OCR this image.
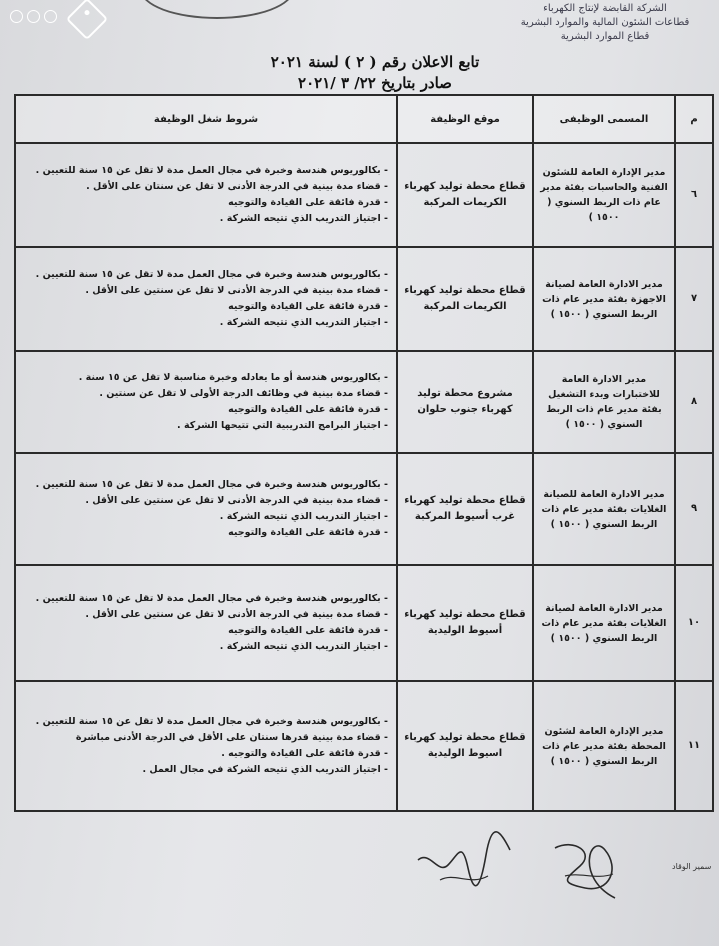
الشركة القابضة لإنتاج الكهرباء
قطاعات الشئون المالية والموارد البشرية
قطاع الموارد البشرية
تابع الاعلان رقم ( ٢ ) لسنة ٢٠٢١
صادر بتاريخ ٢٢/ ٣ /٢٠٢١
م	المسمى الوظيفى	موقع الوظيفة	شروط شغل الوظيفة
٦	مدير الإدارة العامة للشئون الفنية والحاسبات بفئة مدير عام ذات الربط السنوي ( ١٥٠٠ )	قطاع محطة توليد كهرباء الكريمات المركبة	- بكالوريوس هندسة وخبرة في مجال العمل مدة لا تقل عن ١٥ سنة للتعيين .
- قضاء مدة بينية في الدرجة الأدنى لا تقل عن سنتان على الأقل .
- قدرة فائقة على القيادة والتوجيه
- اجتياز التدريب الذي تتيحه الشركة .

٧	مدير الادارة العامة لصيانة الاجهزة بفئة مدير عام ذات الربط السنوي ( ١٥٠٠ )	قطاع محطة توليد كهرباء الكريمات المركبة	- بكالوريوس هندسة وخبرة في مجال العمل مدة لا تقل عن ١٥ سنة للتعيين .
- قضاء مدة بينية في الدرجة الأدنى لا تقل عن سنتين على الأقل .
- قدرة فائقة على القيادة والتوجيه
- اجتياز التدريب الذي تتيحه الشركة .

٨	مدير الادارة العامة للاختبارات وبدء التشغيل بفئة مدير عام ذات الربط السنوي ( ١٥٠٠ )	مشروع محطة توليد كهرباء جنوب حلوان	- بكالوريوس هندسة أو ما يعادله وخبرة مناسبة لا تقل عن ١٥ سنة .
- قضاء مدة بينية في وظائف الدرجة الأولى لا تقل عن سنتين .
- قدرة فائقة على القيادة والتوجيه
- اجتياز البرامج التدريبية التي تتيحها الشركة .

٩	مدير الادارة العامة للصيانة الغلايات بفئة مدير عام ذات الربط السنوي ( ١٥٠٠ )	قطاع محطة توليد كهرباء غرب أسيوط المركبة	- بكالوريوس هندسة وخبرة في مجال العمل مدة لا تقل عن ١٥ سنة للتعيين .
- قضاء مدة بينية في الدرجة الأدنى لا تقل عن سنتين على الأقل .
- اجتياز التدريب الذي تتيحه الشركة .
- قدرة فائقة على القيادة والتوجيه

١٠	مدير الادارة العامة لصيانة الغلايات بفئة مدير عام ذات الربط السنوي ( ١٥٠٠ )	قطاع محطة توليد كهرباء أسيوط الوليدية	- بكالوريوس هندسة وخبرة في مجال العمل مدة لا تقل عن ١٥ سنة للتعيين .
- قضاء مدة بينية في الدرجة الأدنى لا تقل عن سنتين على الأقل .
- قدرة فائقة على القيادة والتوجيه
- اجتياز التدريب الذي تتيحه الشركة .

١١	مدير الإدارة العامة لشئون المحطة بفئة مدير عام ذات الربط السنوي ( ١٥٠٠ )	قطاع محطة توليد كهرباء اسيوط الوليدية	- بكالوريوس هندسة وخبرة في مجال العمل مدة لا تقل عن ١٥ سنة للتعيين .
- قضاء مدة بينية قدرها سنتان على الأقل في الدرجة الأدنى مباشرة
- قدرة فائقة على القيادة والتوجيه .
- اجتياز التدريب الذي تتيحه الشركة في مجال العمل .
سمير الوقاد
